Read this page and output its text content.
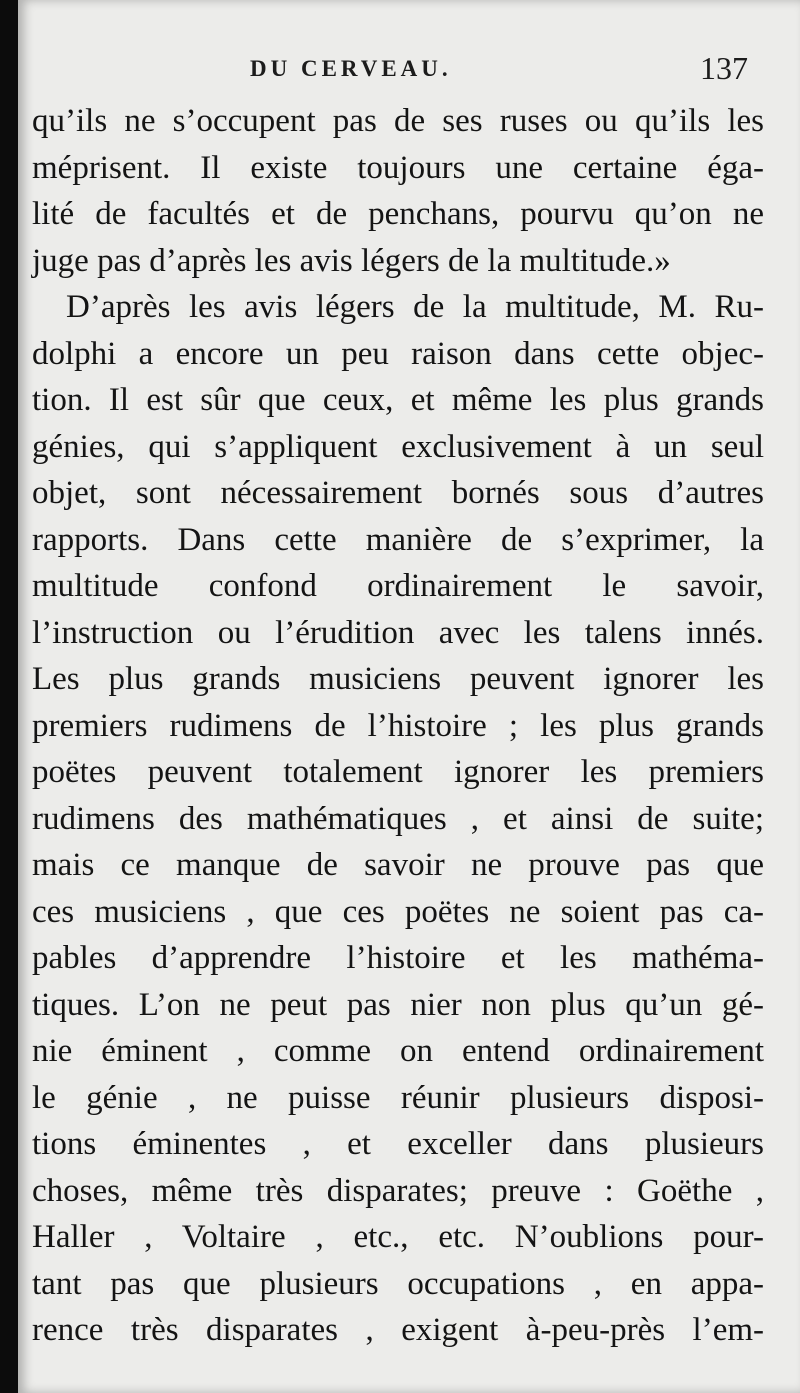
DU CERVEAU.	137
qu’ils ne s’occupent pas de ses ruses ou qu’ils les
méprisent. Il existe toujours une certaine éga-
lité de facultés et de penchans, pourvu qu’on ne
juge pas d’après les avis légers de la multitude.»
D’après les avis légers de la multitude, M. Ru-
dolphi a encore un peu raison dans cette objec-
tion. Il est sûr que ceux, et même les plus grands
génies, qui s’appliquent exclusivement à un seul
objet, sont nécessairement bornés sous d’autres
rapports. Dans cette manière de s’exprimer, la
multitude confond ordinairement le savoir,
l’instruction ou l’érudition avec les talens innés.
Les plus grands musiciens peuvent ignorer les
premiers rudimens de l’histoire ; les plus grands
poëtes peuvent totalement ignorer les premiers
rudimens des mathématiques , et ainsi de suite;
mais ce manque de savoir ne prouve pas que
ces musiciens , que ces poëtes ne soient pas ca-
pables d’apprendre l’histoire et les mathéma-
tiques. L’on ne peut pas nier non plus qu’un gé-
nie éminent , comme on entend ordinairement
le génie , ne puisse réunir plusieurs disposi-
tions éminentes , et exceller dans plusieurs
choses, même très disparates; preuve : Goëthe ,
Haller , Voltaire , etc., etc. N’oublions pour-
tant pas que plusieurs occupations , en appa-
rence très disparates , exigent à-peu-près l’em-
